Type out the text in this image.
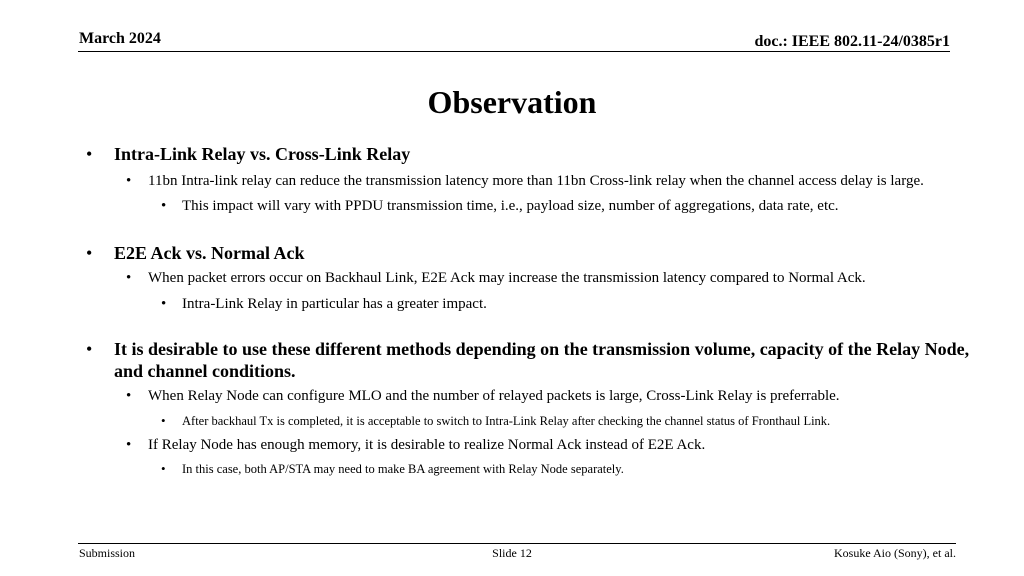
March 2024	doc.: IEEE 802.11-24/0385r1
Observation
• Intra-Link Relay vs. Cross-Link Relay
• 11bn Intra-link relay can reduce the transmission latency more than 11bn Cross-link relay when the channel access delay is large.
• This impact will vary with PPDU transmission time, i.e., payload size, number of aggregations, data rate, etc.
• E2E Ack vs. Normal Ack
• When packet errors occur on Backhaul Link, E2E Ack may increase the transmission latency compared to Normal Ack.
• Intra-Link Relay in particular has a greater impact.
• It is desirable to use these different methods depending on the transmission volume, capacity of the Relay Node, and channel conditions.
• When Relay Node can configure MLO and the number of relayed packets is large, Cross-Link Relay is preferrable.
• After backhaul Tx is completed, it is acceptable to switch to Intra-Link Relay after checking the channel status of Fronthaul Link.
• If Relay Node has enough memory, it is desirable to realize Normal Ack instead of E2E Ack.
• In this case, both AP/STA may need to make BA agreement with Relay Node separately.
Submission	Slide 12	Kosuke Aio (Sony), et al.
